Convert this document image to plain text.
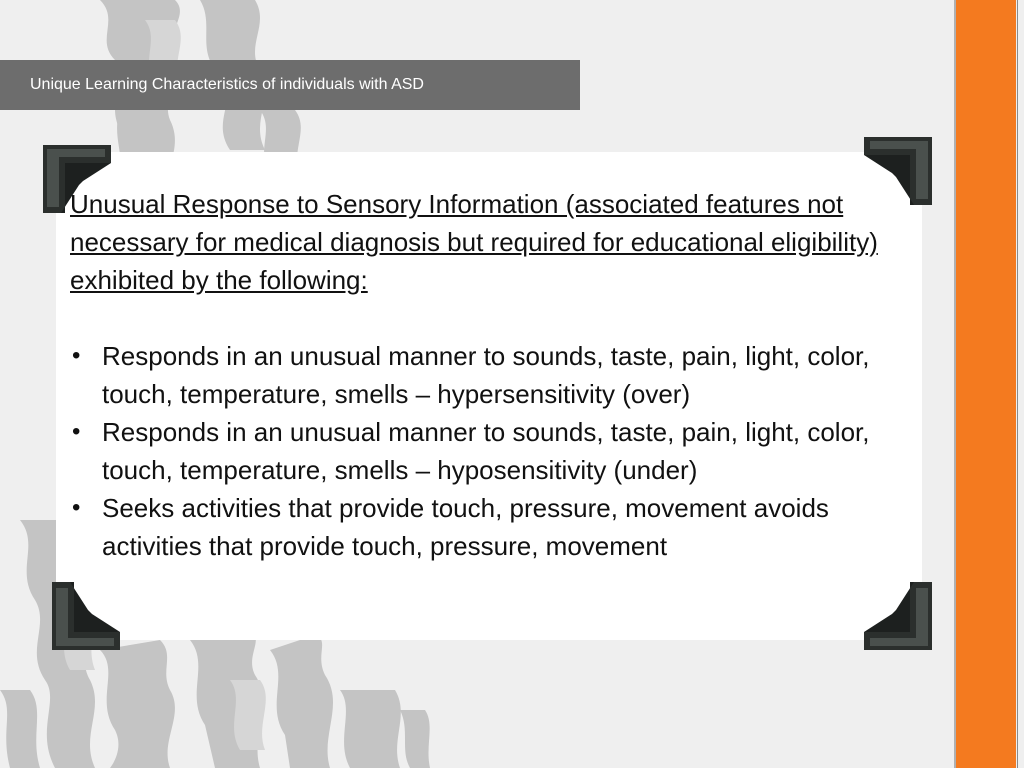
Unique Learning Characteristics of individuals with ASD

Unusual Response to Sensory Information (associated features not necessary for medical diagnosis but required for educational eligibility) exhibited by the following:

• Responds in an unusual manner to sounds, taste, pain, light, color, touch, temperature, smells – hypersensitivity (over)
• Responds in an unusual manner to sounds, taste, pain, light, color, touch, temperature, smells – hyposensitivity (under)
• Seeks activities that provide touch, pressure, movement avoids activities that provide touch, pressure, movement
